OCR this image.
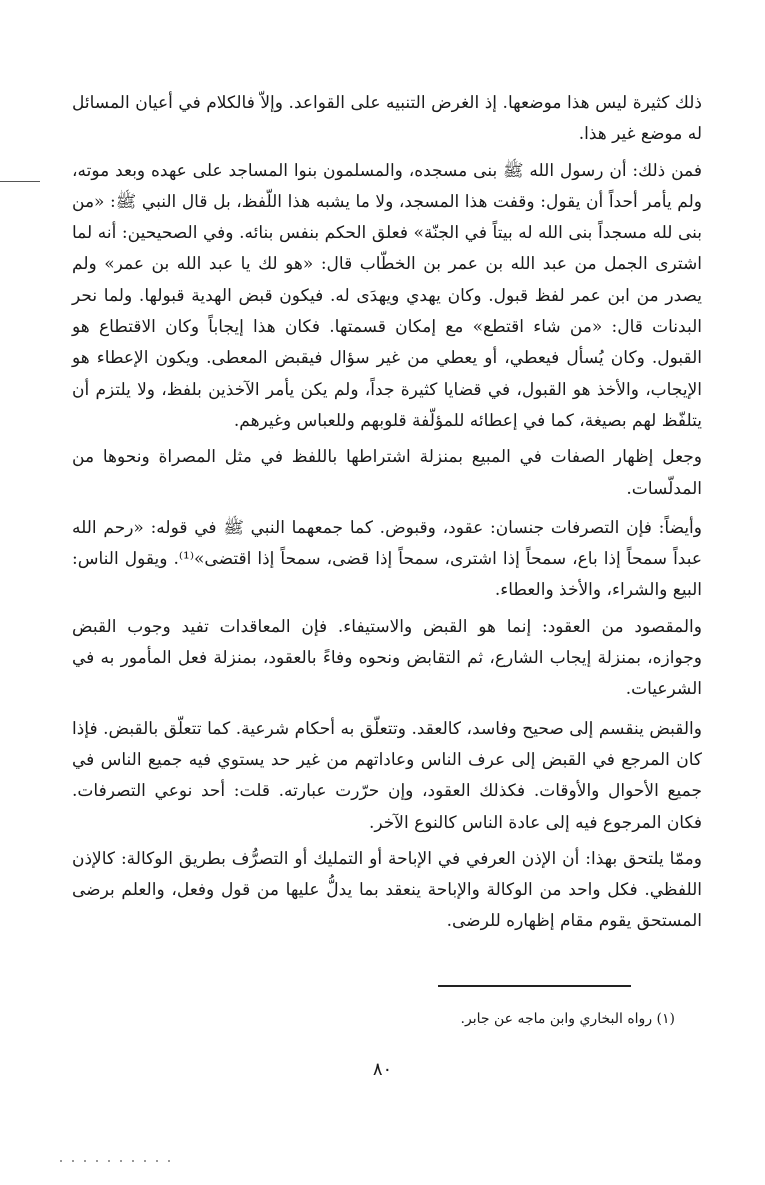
ذلك كثيرة ليس هذا موضعها. إذ الغرض التنبيه على القواعد. وإلاّ فالكلام في أعيان المسائل له موضع غير هذا.

فمن ذلك: أن رسول الله ﷺ بنى مسجده، والمسلمون بنوا المساجد على عهده وبعد موته، ولم يأمر أحداً أن يقول: وقفت هذا المسجد، ولا ما يشبه هذا اللّفظ، بل قال النبي ﷺ: «من بنى لله مسجداً بنى الله له بيتاً في الجنّة» فعلق الحكم بنفس بنائه. وفي الصحيحين: أنه لما اشترى الجمل من عبد الله بن عمر بن الخطّاب قال: «هو لك يا عبد الله بن عمر» ولم يصدر من ابن عمر لفظ قبول. وكان يهدي ويهدَى له. فيكون قبض الهدية قبولها. ولما نحر البدنات قال: «من شاء اقتطع» مع إمكان قسمتها. فكان هذا إيجاباً وكان الاقتطاع هو القبول. وكان يُسأل فيعطي، أو يعطي من غير سؤال فيقبض المعطى. ويكون الإعطاء هو الإيجاب، والأخذ هو القبول، في قضايا كثيرة جداً، ولم يكن يأمر الآخذين بلفظ، ولا يلتزم أن يتلفّظ لهم بصيغة، كما في إعطائه للمؤلّفة قلوبهم وللعباس وغيرهم.

وجعل إظهار الصفات في المبيع بمنزلة اشتراطها باللفظ في مثل المصراة ونحوها من المدلّسات.

وأيضاً: فإن التصرفات جنسان: عقود، وقبوض. كما جمعهما النبي ﷺ في قوله: «رحم الله عبداً سمحاً إذا باع، سمحاً إذا اشترى، سمحاً إذا قضى، سمحاً إذا اقتضى»⁽¹⁾. ويقول الناس: البيع والشراء، والأخذ والعطاء.

والمقصود من العقود: إنما هو القبض والاستيفاء. فإن المعاقدات تفيد وجوب القبض وجوازه، بمنزلة إيجاب الشارع، ثم التقابض ونحوه وفاءً بالعقود، بمنزلة فعل المأمور به في الشرعيات.

والقبض ينقسم إلى صحيح وفاسد، كالعقد. وتتعلّق به أحكام شرعية. كما تتعلّق بالقبض. فإذا كان المرجع في القبض إلى عرف الناس وعاداتهم من غير حد يستوي فيه جميع الناس في جميع الأحوال والأوقات. فكذلك العقود، وإن حرّرت عبارته. قلت: أحد نوعي التصرفات. فكان المرجوع فيه إلى عادة الناس كالنوع الآخر.

وممّا يلتحق بهذا: أن الإذن العرفي في الإباحة أو التمليك أو التصرُّف بطريق الوكالة: كالإذن اللفظي. فكل واحد من الوكالة والإباحة ينعقد بما يدلُّ عليها من قول وفعل، والعلم برضى المستحق يقوم مقام إظهاره للرضى.

(١) رواه البخاري وابن ماجه عن جابر.
٨٠
